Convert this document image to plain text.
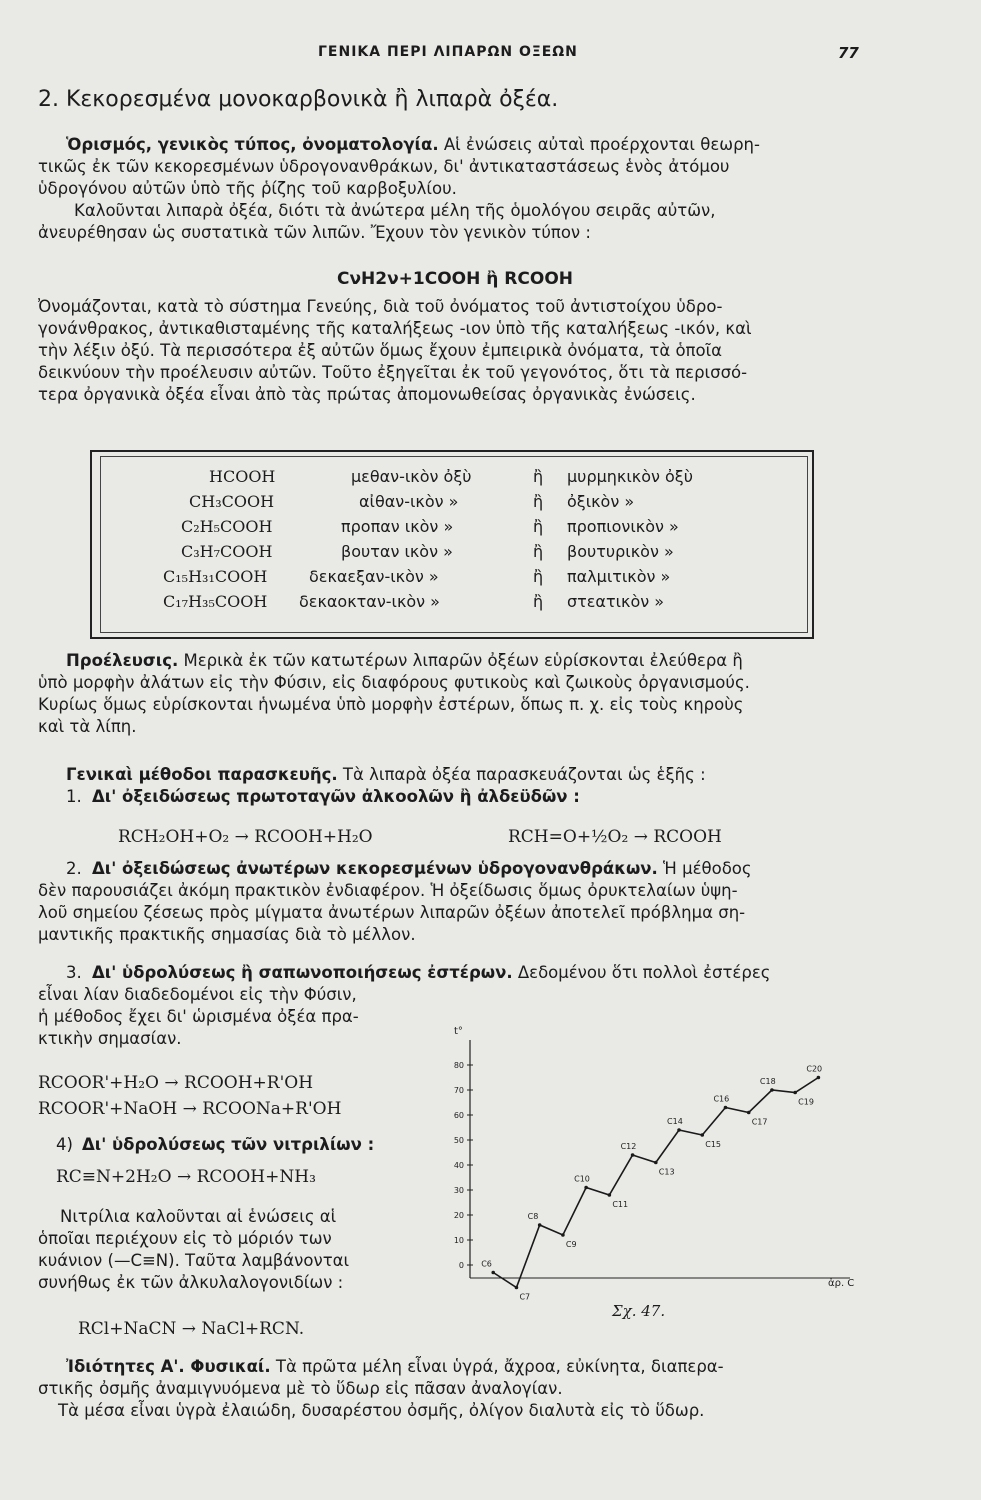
ΓΕΝΙΚΑ ΠΕΡΙ ΛΙΠΑΡΩΝ ΟΞΕΩΝ	77
2. Κεκορεσμένα μονοκαρβονικὰ ἢ λιπαρὰ ὀξέα.
Ὁρισμός, γενικὸς τύπος, ὀνοματολογία. Αἱ ἐνώσεις αὐταὶ προέρχονται θεωρη-
τικῶς ἐκ τῶν κεκορεσμένων ὑδρογονανθράκων, δι' ἀντικαταστάσεως ἑνὸς ἀτόμου
ὑδρογόνου αὐτῶν ὑπὸ τῆς ῥίζης τοῦ καρβοξυλίου.
Καλοῦνται λιπαρὰ ὀξέα, διότι τὰ ἀνώτερα μέλη τῆς ὁμολόγου σειρᾶς αὐτῶν,
ἀνευρέθησαν ὡς συστατικὰ τῶν λιπῶν. Ἔχουν τὸν γενικὸν τύπον :
CνH2ν+1COOH ἢ RCOOH
Ὀνομάζονται, κατὰ τὸ σύστημα Γενεύης, διὰ τοῦ ὀνόματος τοῦ ἀντιστοίχου ὑδρο-
γονάνθρακος, ἀντικαθισταμένης τῆς καταλήξεως -ιον ὑπὸ τῆς καταλήξεως -ικόν, καὶ
τὴν λέξιν ὀξύ. Τὰ περισσότερα ἐξ αὐτῶν ὅμως ἔχουν ἐμπειρικὰ ὀνόματα, τὰ ὁποῖα
δεικνύουν τὴν προέλευσιν αὐτῶν. Τοῦτο ἐξηγεῖται ἐκ τοῦ γεγονότος, ὅτι τὰ περισσό-
τερα ὀργανικὰ ὀξέα εἶναι ἀπὸ τὰς πρώτας ἀπομονωθείσας ὀργανικὰς ἐνώσεις.
HCOOH	μεθαν-ικὸν ὀξὺ	ἢ μυρμηκικὸν ὀξὺ
CH₃COOH	αἰθαν-ικὸν »	ἢ ὀξικὸν »
C₂H₅COOH	προπαν ικὸν »	ἢ προπιονικὸν »
C₃H₇COOH	βουταν ικὸν »	ἢ βουτυρικὸν »
C₁₅H₃₁COOH	δεκαεξαν-ικὸν »	ἢ παλμιτικὸν »
C₁₇H₃₅COOH δεκαοκταν-ικὸν »	ἢ στεατικὸν »
Προέλευσις. Μερικὰ ἐκ τῶν κατωτέρων λιπαρῶν ὀξέων εὑρίσκονται ἐλεύθερα ἢ
ὑπὸ μορφὴν ἀλάτων εἰς τὴν Φύσιν, εἰς διαφόρους φυτικοὺς καὶ ζωικοὺς ὀργανισμούς.
Κυρίως ὅμως εὑρίσκονται ἡνωμένα ὑπὸ μορφὴν ἐστέρων, ὅπως π. χ. εἰς τοὺς κηροὺς
καὶ τὰ λίπη.
Γενικαὶ μέθοδοι παρασκευῆς. Τὰ λιπαρὰ ὀξέα παρασκευάζονται ὡς ἑξῆς :
1. Δι' ὀξειδώσεως πρωτοταγῶν ἀλκοολῶν ἢ ἀλδεϋδῶν :
RCH₂OH+O₂ → RCOOH+H₂O	RCH=O+½O₂ → RCOOH
2. Δι' ὀξειδώσεως ἀνωτέρων κεκορεσμένων ὑδρογονανθράκων. Ἡ μέθοδος
δὲν παρουσιάζει ἀκόμη πρακτικὸν ἐνδιαφέρον. Ἡ ὀξείδωσις ὅμως ὀρυκτελαίων ὑψη-
λοῦ σημείου ζέσεως πρὸς μίγματα ἀνωτέρων λιπαρῶν ὀξέων ἀποτελεῖ πρόβλημα ση-
μαντικῆς πρακτικῆς σημασίας διὰ τὸ μέλλον.
3. Δι' ὑδρολύσεως ἢ σαπωνοποιήσεως ἐστέρων. Δεδομένου ὅτι πολλοὶ ἐστέρες
εἶναι λίαν διαδεδομένοι εἰς τὴν Φύσιν,
ἡ μέθοδος ἔχει δι' ὡρισμένα ὀξέα πρα-
κτικὴν σημασίαν.
RCOOR'+H₂O → RCOOH+R'OH
RCOOR'+NaOH → RCOONa+R'OH
4) Δι' ὑδρολύσεως τῶν νιτριλίων :
RC≡N+2H₂O → RCOOH+NH₃
Νιτρίλια καλοῦνται αἱ ἑνώσεις αἱ
ὁποῖαι περιέχουν εἰς τὸ μόριόν των
κυάνιον (—C≡N). Ταῦτα λαμβάνονται
συνήθως ἐκ τῶν ἀλκυλαλογονιδίων :
RCl+NaCN → NaCl+RCN.
t°
ἀρ. C
0
10
20
30
40
50
60
70
80
C6
C7
C8
C9
C10
C11
C12
C13
C14
C15
C16
C17
C18
C19
C20
Σχ. 47.
Ἰδιότητες Α'. Φυσικαί. Τὰ πρῶτα μέλη εἶναι ὑγρά, ἄχροα, εὐκίνητα, διαπερα-
στικῆς ὀσμῆς ἀναμιγνυόμενα μὲ τὸ ὕδωρ εἰς πᾶσαν ἀναλογίαν.
Τὰ μέσα εἶναι ὑγρὰ ἐλαιώδη, δυσαρέστου ὀσμῆς, ὀλίγον διαλυτὰ εἰς τὸ ὕδωρ.
